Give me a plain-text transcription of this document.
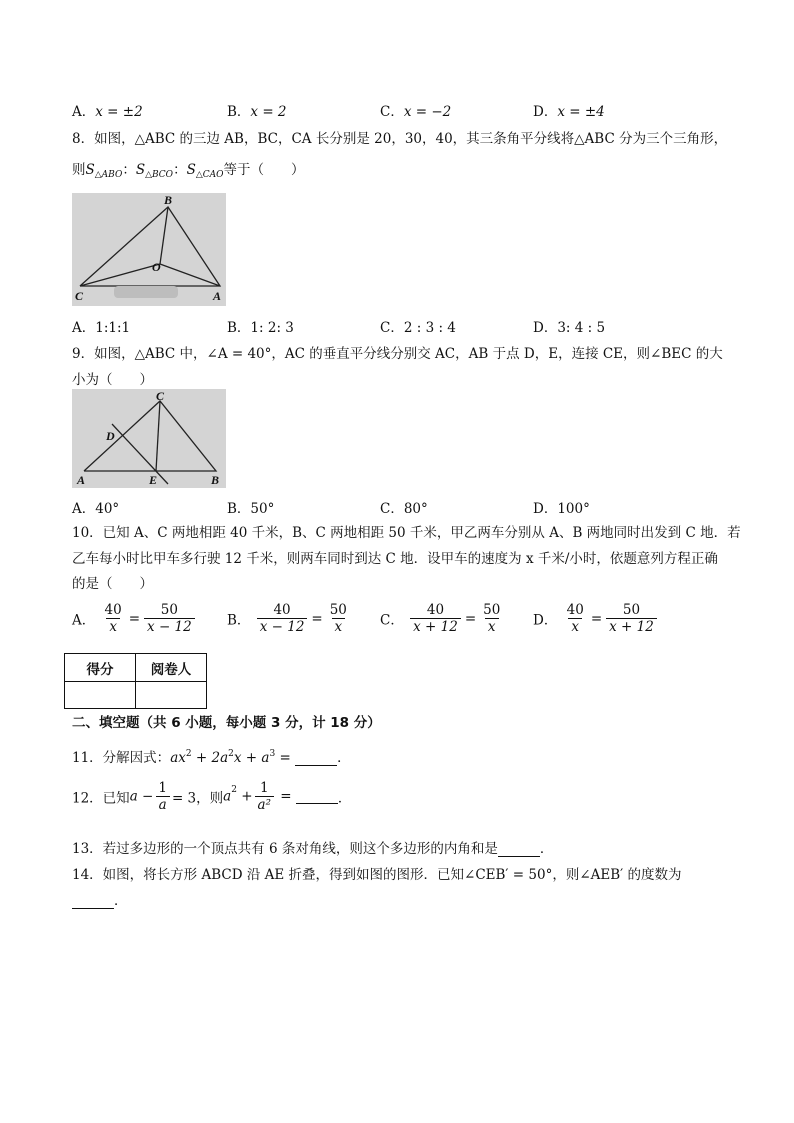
A．x = ±2	B．x = 2	C．x = −2	D．x = ±4
8．如图，△ABC 的三边 AB，BC，CA 长分别是 20，30，40，其三条角平分线将△ABC 分为三个三角形，
则$S_{\triangle ABO}$：$S_{\triangle BCO}$：$S_{\triangle CAO}$等于（　　）
B
O
C	A
A．1:1:1	B．1: 2: 3	C．2 : 3 : 4	D．3: 4 : 5
9．如图，△ABC 中，∠A = 40°，AC 的垂直平分线分别交 AC，AB 于点 D，E，连接 CE，则∠BEC 的大
小为（　　）
C
D
A	E	B
A．40°	B．50°	C．80°	D．100°
10．已知 A、C 两地相距 40 千米，B、C 两地相距 50 千米，甲乙两车分别从 A、B 两地同时出发到 C 地．若
乙车每小时比甲车多行驶 12 千米，则两车同时到达 C 地．设甲车的速度为 x 千米/小时，依题意列方程正确
的是（　　）
A． $\frac{40}{x} = \frac{50}{x - 12}$ B． $\frac{40}{x - 12} = \frac{50}{x}$ C． $\frac{40}{x + 12} = \frac{50}{x}$ D． $\frac{40}{x} = \frac{50}{x + 12}$
得分	阅卷人

二、填空题（共 6 小题，每小题 3 分，计 18 分）
11．分解因式：$ax^2 + 2a^2x + a^3$ =	．
12．已知$a - \frac{1}{a} = 3$，则$a^2 + \frac{1}{\text{a²}}$ =	．
13．若过多边形的一个顶点共有 6 条对角线，则这个多边形的内角和是	．
14．如图，将长方形 ABCD 沿 AE 折叠，得到如图的图形．已知∠CEB′ = 50°，则∠AEB′ 的度数为
．
